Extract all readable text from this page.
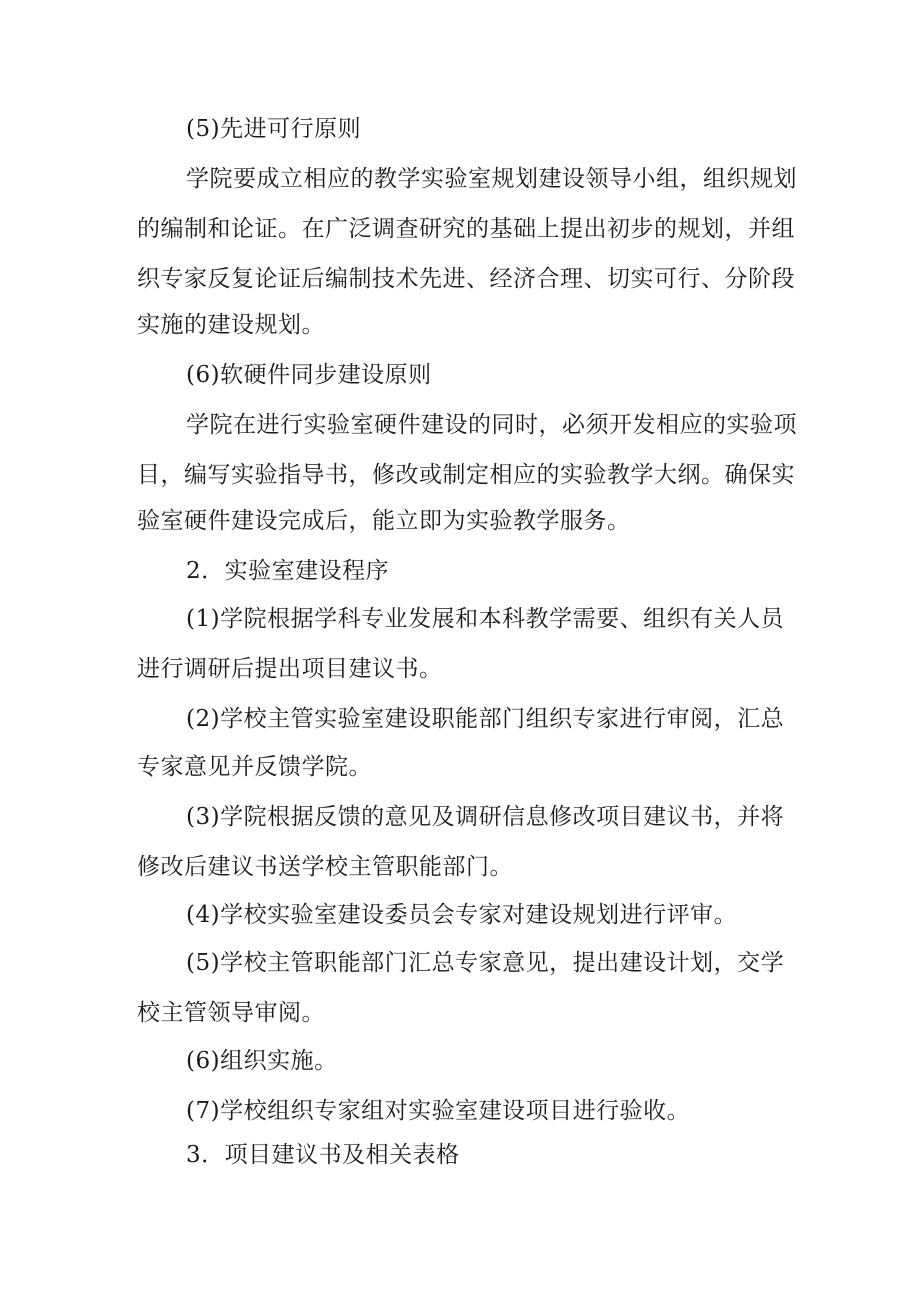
(5)先进可行原则
学院要成立相应的教学实验室规划建设领导小组，组织规划
的编制和论证。在广泛调查研究的基础上提出初步的规划，并组
织专家反复论证后编制技术先进、经济合理、切实可行、分阶段
实施的建设规划。
(6)软硬件同步建设原则
学院在进行实验室硬件建设的同时，必须开发相应的实验项
目，编写实验指导书，修改或制定相应的实验教学大纲。确保实
验室硬件建设完成后，能立即为实验教学服务。
2．实验室建设程序
(1)学院根据学科专业发展和本科教学需要、组织有关人员
进行调研后提出项目建议书。
(2)学校主管实验室建设职能部门组织专家进行审阅，汇总
专家意见并反馈学院。
(3)学院根据反馈的意见及调研信息修改项目建议书，并将
修改后建议书送学校主管职能部门。
(4)学校实验室建设委员会专家对建设规划进行评审。
(5)学校主管职能部门汇总专家意见，提出建设计划，交学
校主管领导审阅。
(6)组织实施。
(7)学校组织专家组对实验室建设项目进行验收。
3．项目建议书及相关表格
